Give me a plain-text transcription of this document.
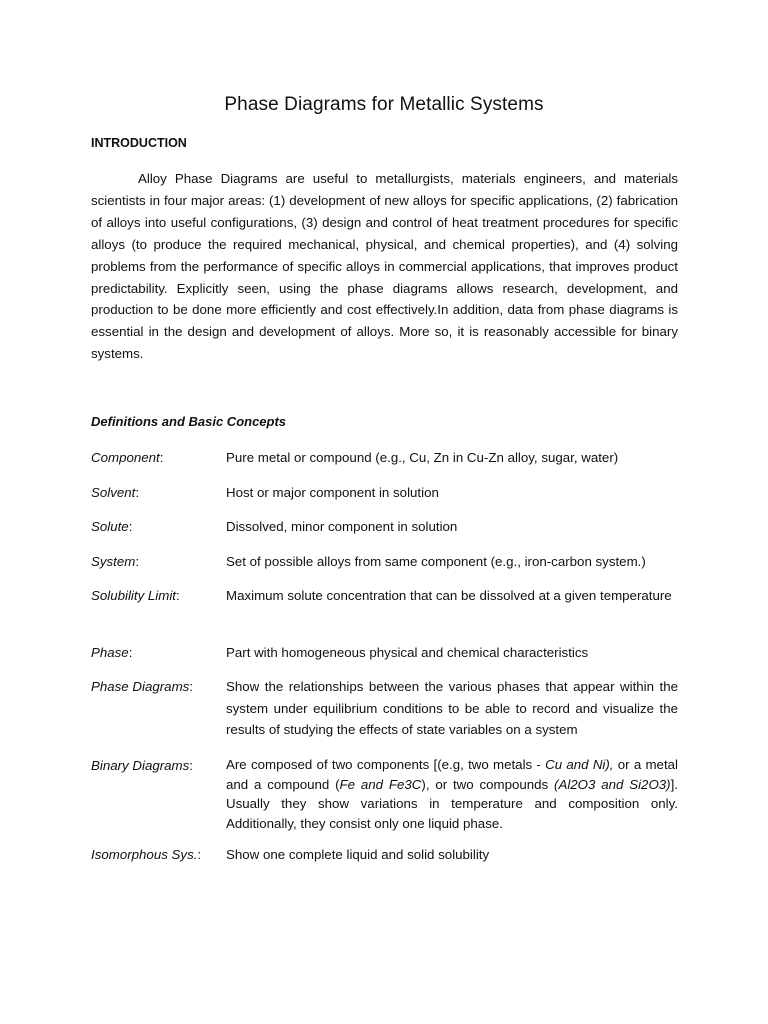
Phase Diagrams for Metallic Systems
INTRODUCTION

Alloy Phase Diagrams are useful to metallurgists, materials engineers, and materials scientists in four major areas: (1) development of new alloys for specific applications, (2) fabrication of alloys into useful configurations, (3) design and control of heat treatment procedures for specific alloys (to produce the required mechanical, physical, and chemical properties), and (4) solving problems from the performance of specific alloys in commercial applications, that improves product predictability. Explicitly seen, using the phase diagrams allows research, development, and production to be done more efficiently and cost effectively.In addition, data from phase diagrams is essential in the design and development of alloys. More so, it is reasonably accessible for binary systems.

Definitions and Basic Concepts
Component:	Pure metal or compound (e.g., Cu, Zn in Cu-Zn alloy, sugar, water)
Solvent:	Host or major component in solution
Solute:	Dissolved, minor component in solution
System:	Set of possible alloys from same component (e.g., iron-carbon system.)
Solubility Limit:	Maximum solute concentration that can be dissolved at a given temperature
Phase:	Part with homogeneous physical and chemical characteristics
Phase Diagrams:	Show the relationships between the various phases that appear within the system under equilibrium conditions to be able to record and visualize the results of studying the effects of state variables on a system
Binary Diagrams:	Are composed of two components [(e.g, two metals - Cu and Ni), or a metal and a compound (Fe and Fe3C), or two compounds (Al2O3 and Si2O3)]. Usually they show variations in temperature and composition only. Additionally, they consist only one liquid phase.
Isomorphous Sys.:	Show one complete liquid and solid solubility
